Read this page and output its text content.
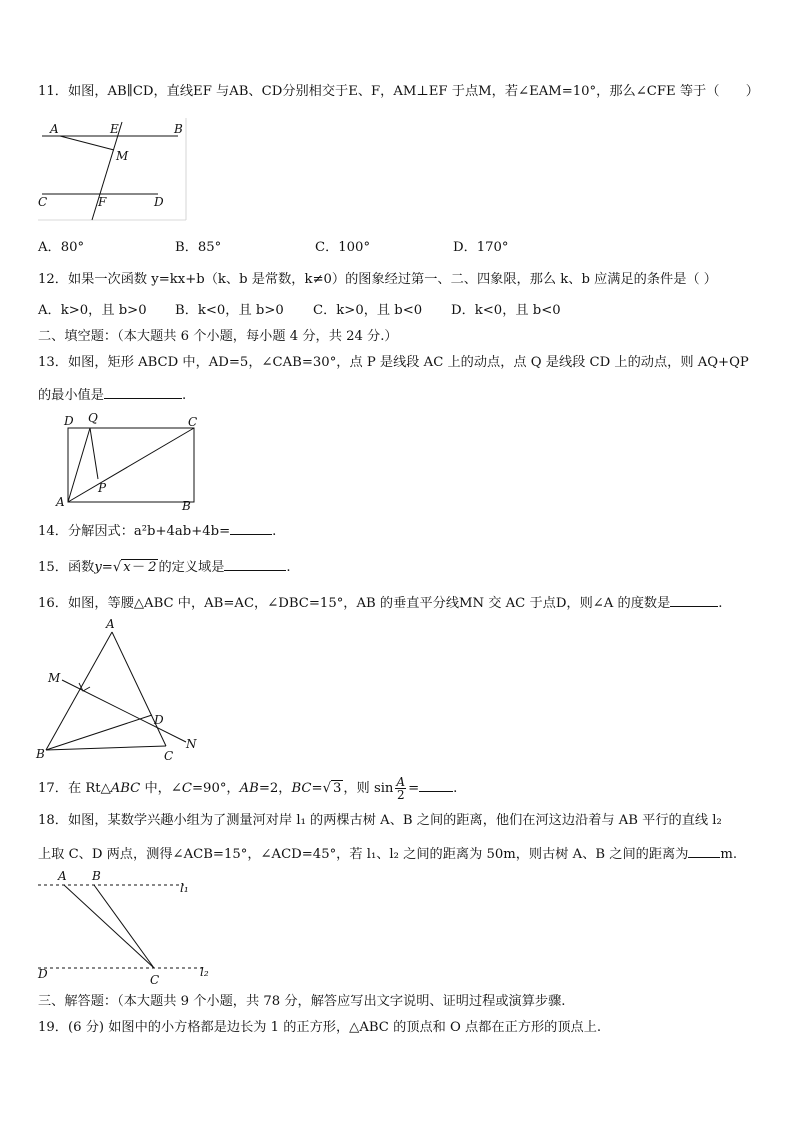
11．如图，AB∥CD，直线EF 与AB、CD分别相交于E、F，AM⊥EF 于点M，若∠EAM=10°，那么∠CFE 等于（　　）
A	E	B
M
C	F	D
A．80°	B．85°	C．100°	D．170°
12．如果一次函数 y=kx+b（k、b 是常数，k≠0）的图象经过第一、二、四象限，那么 k、b 应满足的条件是（ ）
A．k>0，且 b>0 B．k<0，且 b>0 C．k>0，且 b<0 D．k<0，且 b<0
二、填空题：（本大题共 6 个小题，每小题 4 分，共 24 分.）
13．如图，矩形 ABCD 中，AD=5，∠CAB=30°，点 P 是线段 AC 上的动点，点 Q 是线段 CD 上的动点，则 AQ+QP
的最小值是	.
D Q	C
P
A	B
14．分解因式：a²b+4ab+4b=	.
15．函数y=√ x－ 2 的定义域是	.
16．如图，等腰△ABC 中，AB=AC，∠DBC=15°，AB 的垂直平分线MN 交 AC 于点D，则∠A 的度数是	.
A
M
D
B	C
N
17．在 Rt△ABC 中，∠C=90°，AB=2，BC=√ 3 ，则 $\sin \frac{A}{2}$ =	.
18．如图，某数学兴趣小组为了测量河对岸 l₁ 的两棵古树 A、B 之间的距离，他们在河这边沿着与 AB 平行的直线 l₂
上取 C、D 两点，测得∠ACB=15°，∠ACD=45°，若 l₁、l₂ 之间的距离为 50m，则古树 A、B 之间的距离为 m.
A B
l₁
D	C
l₂
三、解答题：（本大题共 9 个小题，共 78 分，解答应写出文字说明、证明过程或演算步骤.
19．(6 分) 如图中的小方格都是边长为 1 的正方形，△ABC 的顶点和 O 点都在正方形的顶点上.
